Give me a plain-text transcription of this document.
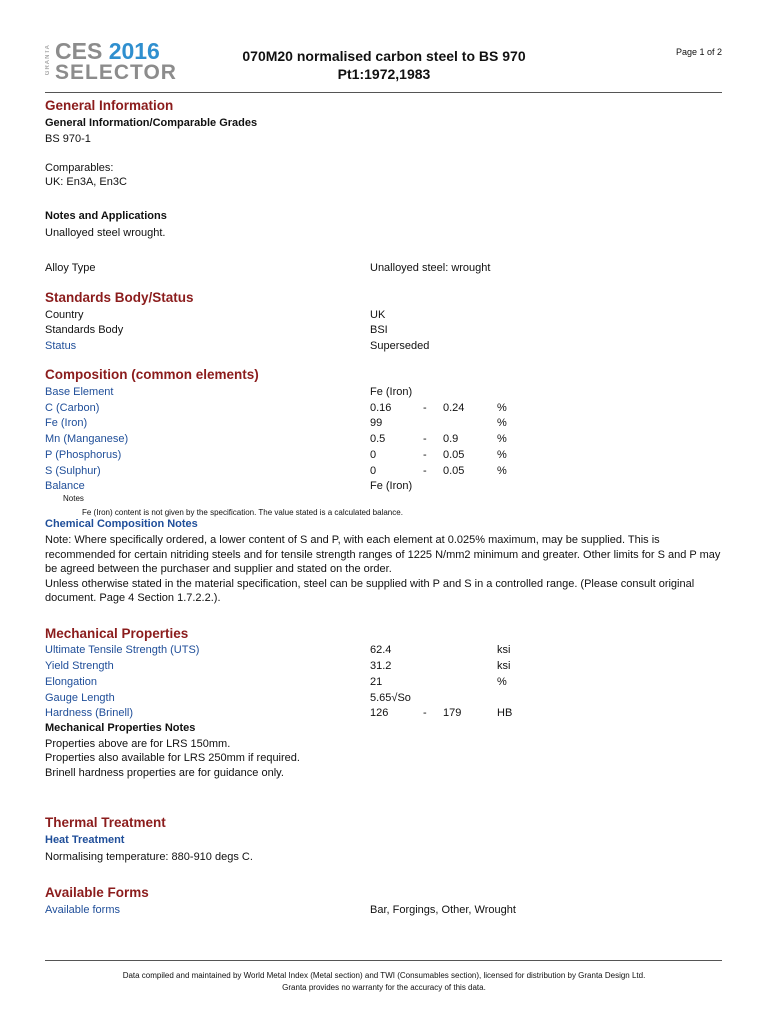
GRANTA CES 2016
SELECTOR
070M20 normalised carbon steel to BS 970
Pt1:1972,1983
Page 1 of 2
General Information
General Information/Comparable Grades
BS 970-1
Comparables:
UK: En3A, En3C
Notes and Applications
Unalloyed steel wrought.
Alloy Type	Unalloyed steel: wrought
Standards Body/Status
Country	UK
Standards Body	BSI
Status	Superseded
Composition (common elements)
Base Element	Fe (Iron)
C (Carbon)	0.16	- 0.24	%
Fe (Iron)	99	%
Mn (Manganese)	0.5	- 0.9	%
P (Phosphorus)	0	- 0.05	%
S (Sulphur)	0	- 0.05	%
Balance	Fe (Iron)
Notes
Fe (Iron) content is not given by the specification. The value stated is a calculated balance.
Chemical Composition Notes
Note: Where specifically ordered, a lower content of S and P, with each element at 0.025% maximum, may be supplied. This is recommended for certain nitriding steels and for tensile strength ranges of 1225 N/mm2 minimum and greater. Other limits for S and P may be agreed between the purchaser and supplier and stated on the order.
Unless otherwise stated in the material specification, steel can be supplied with P and S in a controlled range. (Please consult original document. Page 4 Section 1.7.2.2.).
Mechanical Properties
Ultimate Tensile Strength (UTS)	62.4	ksi
Yield Strength	31.2	ksi
Elongation	21	%
Gauge Length	5.65√So
Hardness (Brinell)	126	- 179	HB
Mechanical Properties Notes
Properties above are for LRS 150mm.
Properties also available for LRS 250mm if required.
Brinell hardness properties are for guidance only.
Thermal Treatment
Heat Treatment
Normalising temperature: 880-910 degs C.
Available Forms
Available forms	Bar, Forgings, Other, Wrought
Data compiled and maintained by World Metal Index (Metal section) and TWI (Consumables section), licensed for distribution by Granta Design Ltd.
Granta provides no warranty for the accuracy of this data.
